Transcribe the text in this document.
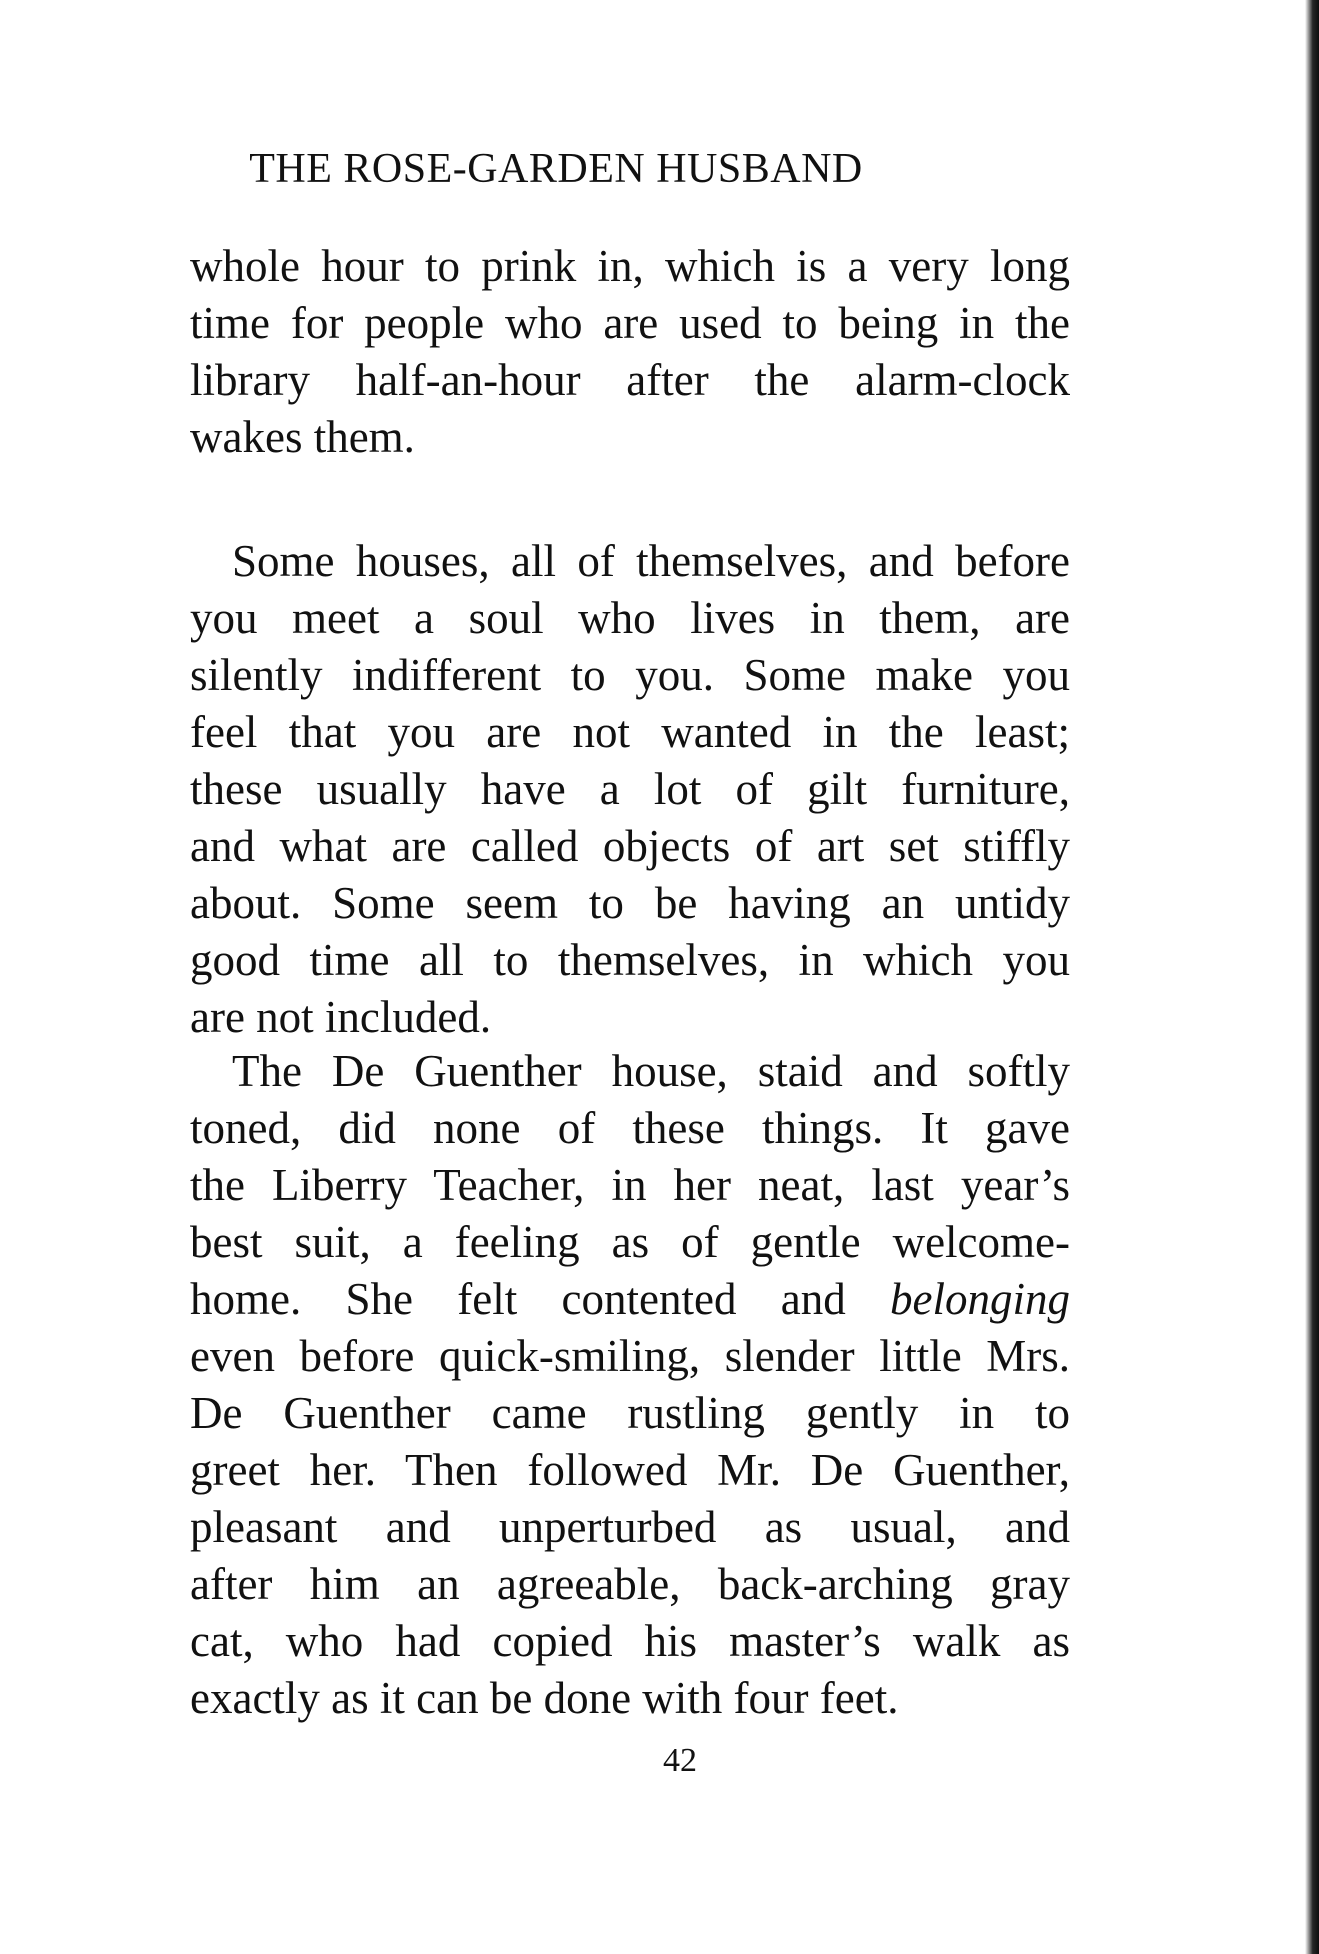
THE ROSE-GARDEN HUSBAND
whole hour to prink in, which is a very long
time for people who are used to being in the
library half-an-hour after the alarm-clock
wakes them.
Some houses, all of themselves, and before
you meet a soul who lives in them, are
silently indifferent to you. Some make you
feel that you are not wanted in the least;
these usually have a lot of gilt furniture,
and what are called objects of art set stiffly
about. Some seem to be having an untidy
good time all to themselves, in which you
are not included.
The De Guenther house, staid and softly
toned, did none of these things. It gave
the Liberry Teacher, in her neat, last year’s
best suit, a feeling as of gentle welcome-
home. She felt contented and belonging
even before quick-smiling, slender little Mrs.
De Guenther came rustling gently in to
greet her. Then followed Mr. De Guenther,
pleasant and unperturbed as usual, and
after him an agreeable, back-arching gray
cat, who had copied his master’s walk as
exactly as it can be done with four feet.
42
